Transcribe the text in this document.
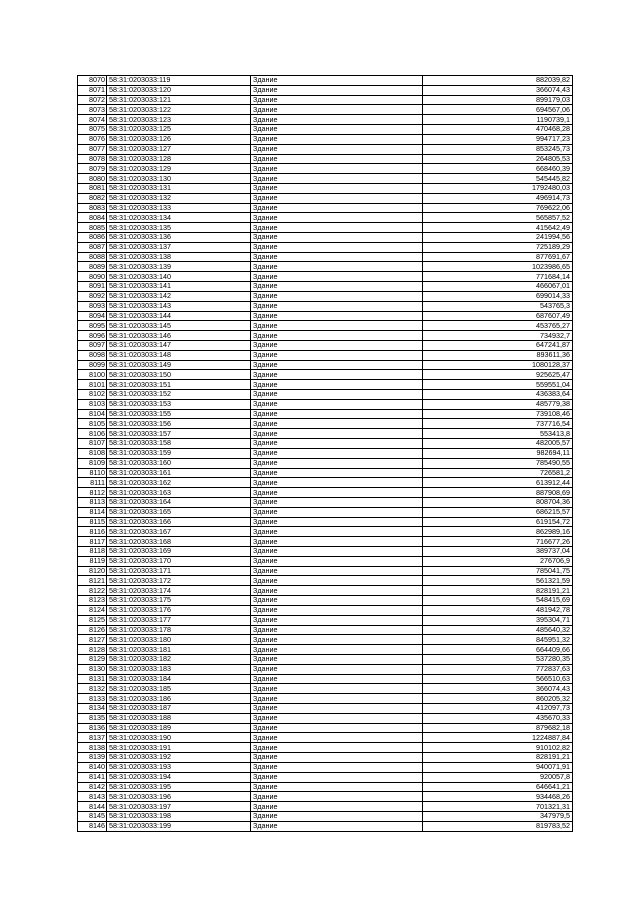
8070	58:31:0203033:119	Здание	882039,82
8071	58:31:0203033:120	Здание	366074,43
8072	58:31:0203033:121	Здание	899179,03
8073	58:31:0203033:122	Здание	694567,06
8074	58:31:0203033:123	Здание	1190739,1
8075	58:31:0203033:125	Здание	470468,28
8076	58:31:0203033:126	Здание	994717,23
8077	58:31:0203033:127	Здание	853245,73
8078	58:31:0203033:128	Здание	264805,53
8079	58:31:0203033:129	Здание	668460,39
8080	58:31:0203033:130	Здание	545445,82
8081	58:31:0203033:131	Здание	1792480,03
8082	58:31:0203033:132	Здание	496914,73
8083	58:31:0203033:133	Здание	769622,06
8084	58:31:0203033:134	Здание	565857,52
8085	58:31:0203033:135	Здание	415642,49
8086	58:31:0203033:136	Здание	241994,56
8087	58:31:0203033:137	Здание	725189,29
8088	58:31:0203033:138	Здание	877691,67
8089	58:31:0203033:139	Здание	1023986,65
8090	58:31:0203033:140	Здание	771684,14
8091	58:31:0203033:141	Здание	466067,01
8092	58:31:0203033:142	Здание	699014,33
8093	58:31:0203033:143	Здание	543765,3
8094	58:31:0203033:144	Здание	687607,49
8095	58:31:0203033:145	Здание	453765,27
8096	58:31:0203033:146	Здание	734932,7
8097	58:31:0203033:147	Здание	647241,87
8098	58:31:0203033:148	Здание	893611,36
8099	58:31:0203033:149	Здание	1080128,37
8100	58:31:0203033:150	Здание	925625,47
8101	58:31:0203033:151	Здание	559551,04
8102	58:31:0203033:152	Здание	436383,64
8103	58:31:0203033:153	Здание	485779,38
8104	58:31:0203033:155	Здание	739108,46
8105	58:31:0203033:156	Здание	737716,54
8106	58:31:0203033:157	Здание	553413,8
8107	58:31:0203033:158	Здание	482005,57
8108	58:31:0203033:159	Здание	982694,11
8109	58:31:0203033:160	Здание	785490,55
8110	58:31:0203033:161	Здание	726581,2
8111	58:31:0203033:162	Здание	613912,44
8112	58:31:0203033:163	Здание	887908,69
8113	58:31:0203033:164	Здание	808704,36
8114	58:31:0203033:165	Здание	686215,57
8115	58:31:0203033:166	Здание	619154,72
8116	58:31:0203033:167	Здание	862989,16
8117	58:31:0203033:168	Здание	716677,26
8118	58:31:0203033:169	Здание	389737,04
8119	58:31:0203033:170	Здание	276706,9
8120	58:31:0203033:171	Здание	785041,75
8121	58:31:0203033:172	Здание	561321,59
8122	58:31:0203033:174	Здание	828191,21
8123	58:31:0203033:175	Здание	548415,69
8124	58:31:0203033:176	Здание	481942,78
8125	58:31:0203033:177	Здание	395304,71
8126	58:31:0203033:178	Здание	485640,32
8127	58:31:0203033:180	Здание	845951,32
8128	58:31:0203033:181	Здание	664409,66
8129	58:31:0203033:182	Здание	537280,35
8130	58:31:0203033:183	Здание	772837,63
8131	58:31:0203033:184	Здание	566510,63
8132	58:31:0203033:185	Здание	366074,43
8133	58:31:0203033:186	Здание	860205,32
8134	58:31:0203033:187	Здание	412097,73
8135	58:31:0203033:188	Здание	435670,33
8136	58:31:0203033:189	Здание	879682,18
8137	58:31:0203033:190	Здание	1224887,84
8138	58:31:0203033:191	Здание	910102,82
8139	58:31:0203033:192	Здание	828191,21
8140	58:31:0203033:193	Здание	940071,91
8141	58:31:0203033:194	Здание	920057,8
8142	58:31:0203033:195	Здание	646641,21
8143	58:31:0203033:196	Здание	934468,26
8144	58:31:0203033:197	Здание	701321,31
8145	58:31:0203033:198	Здание	347979,5
8146	58:31:0203033:199	Здание	819783,52
